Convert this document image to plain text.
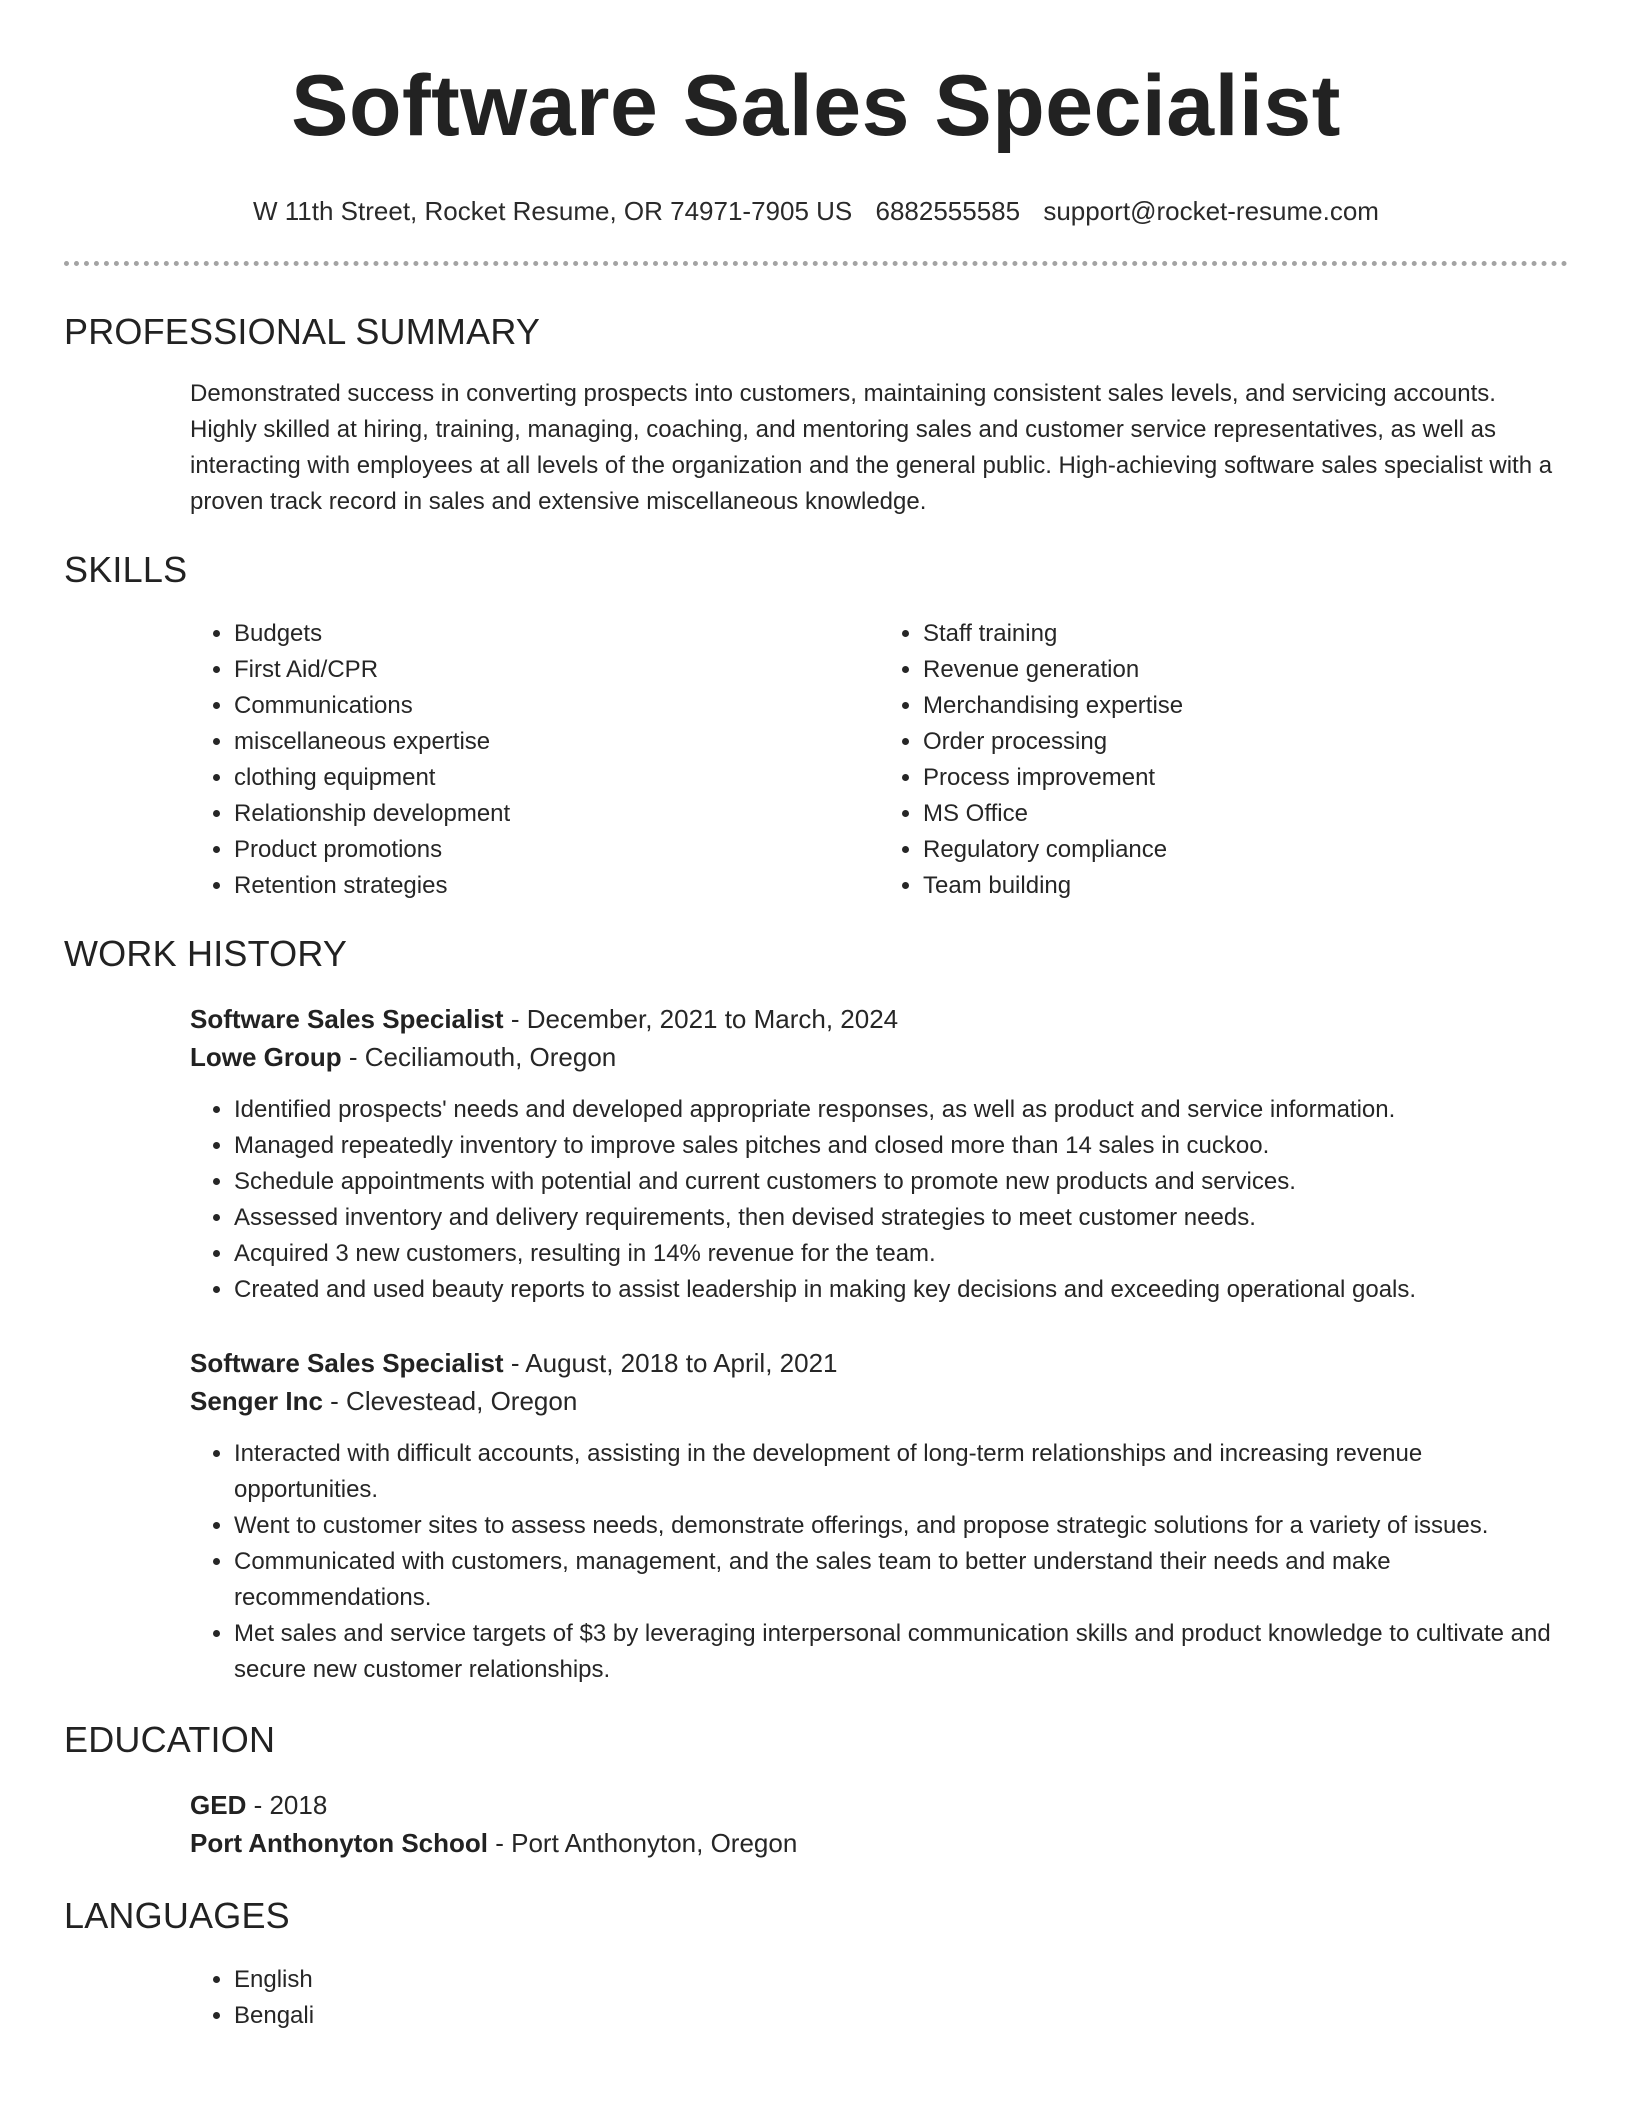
Software Sales Specialist
W 11th Street, Rocket Resume, OR 74971-7905 US 6882555585 support@rocket-resume.com
PROFESSIONAL SUMMARY
Demonstrated success in converting prospects into customers, maintaining consistent sales levels, and servicing accounts. Highly skilled at hiring, training, managing, coaching, and mentoring sales and customer service representatives, as well as interacting with employees at all levels of the organization and the general public. High-achieving software sales specialist with a proven track record in sales and extensive miscellaneous knowledge.
SKILLS
• Budgets
• First Aid/CPR
• Communications
• miscellaneous expertise
• clothing equipment
• Relationship development
• Product promotions
• Retention strategies
• Staff training
• Revenue generation
• Merchandising expertise
• Order processing
• Process improvement
• MS Office
• Regulatory compliance
• Team building
WORK HISTORY
Software Sales Specialist - December, 2021 to March, 2024
Lowe Group - Ceciliamouth, Oregon
• Identified prospects' needs and developed appropriate responses, as well as product and service information.
• Managed repeatedly inventory to improve sales pitches and closed more than 14 sales in cuckoo.
• Schedule appointments with potential and current customers to promote new products and services.
• Assessed inventory and delivery requirements, then devised strategies to meet customer needs.
• Acquired 3 new customers, resulting in 14% revenue for the team.
• Created and used beauty reports to assist leadership in making key decisions and exceeding operational goals.
Software Sales Specialist - August, 2018 to April, 2021
Senger Inc - Clevestead, Oregon
• Interacted with difficult accounts, assisting in the development of long-term relationships and increasing revenue opportunities.
• Went to customer sites to assess needs, demonstrate offerings, and propose strategic solutions for a variety of issues.
• Communicated with customers, management, and the sales team to better understand their needs and make recommendations.
• Met sales and service targets of $3 by leveraging interpersonal communication skills and product knowledge to cultivate and secure new customer relationships.
EDUCATION
GED - 2018
Port Anthonyton School - Port Anthonyton, Oregon
LANGUAGES
• English
• Bengali
